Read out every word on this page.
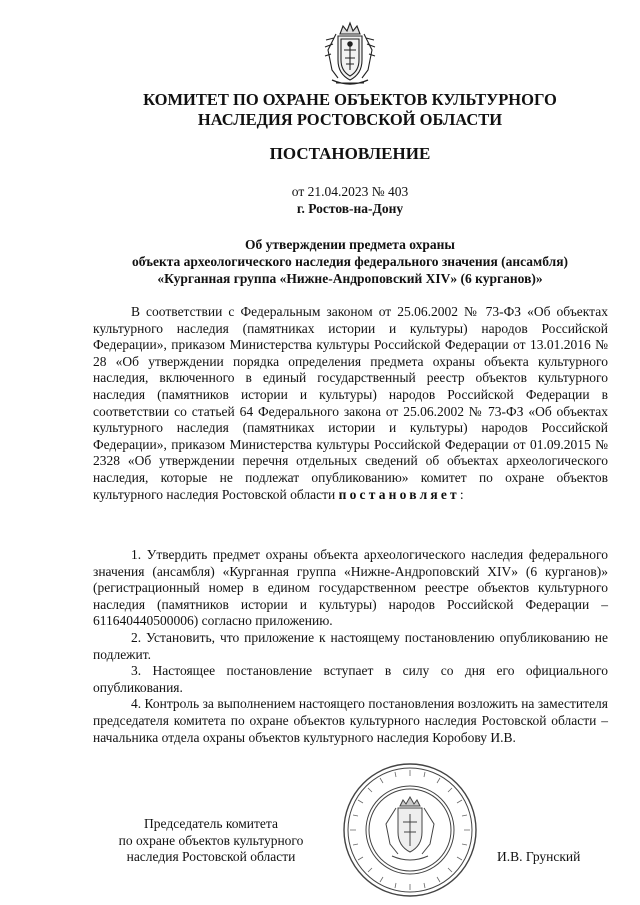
КОМИТЕТ ПО ОХРАНЕ ОБЪЕКТОВ КУЛЬТУРНОГО
НАСЛЕДИЯ РОСТОВСКОЙ ОБЛАСТИ
ПОСТАНОВЛЕНИЕ
от 21.04.2023 № 403
г. Ростов-на-Дону
Об утверждении предмета охраны
объекта археологического наследия федерального значения (ансамбля)
«Курганная группа «Нижне-Андроповский XIV» (6 курганов)»

В соответствии с Федеральным законом от 25.06.2002 № 73-ФЗ «Об объектах культурного наследия (памятниках истории и культуры) народов Российской Федерации», приказом Министерства культуры Российской Федерации от 13.01.2016 № 28 «Об утверждении порядка определения предмета охраны объекта культурного наследия, включенного в единый государственный реестр объектов культурного наследия (памятников истории и культуры) народов Российской Федерации в соответствии со статьей 64 Федерального закона от 25.06.2002 № 73-ФЗ «Об объектах культурного наследия (памятниках истории и культуры) народов Российской Федерации», приказом Министерства культуры Российской Федерации от 01.09.2015 № 2328 «Об утверждении перечня отдельных сведений об объектах археологического наследия, которые не подлежат опубликованию» комитет по охране объектов культурного наследия Ростовской области постановляет:

1. Утвердить предмет охраны объекта археологического наследия федерального значения (ансамбля) «Курганная группа «Нижне-Андроповский XIV» (6 курганов)» (регистрационный номер в едином государственном реестре объектов культурного наследия (памятников истории и культуры) народов Российской Федерации – 611640440500006) согласно приложению.

2. Установить, что приложение к настоящему постановлению опубликованию не подлежит.

3. Настоящее постановление вступает в силу со дня его официального опубликования.

4. Контроль за выполнением настоящего постановления возложить на заместителя председателя комитета по охране объектов культурного наследия Ростовской области – начальника отдела охраны объектов культурного наследия Коробову И.В.

Председатель комитета
по охране объектов культурного
наследия Ростовской области	И.В. Грунский
